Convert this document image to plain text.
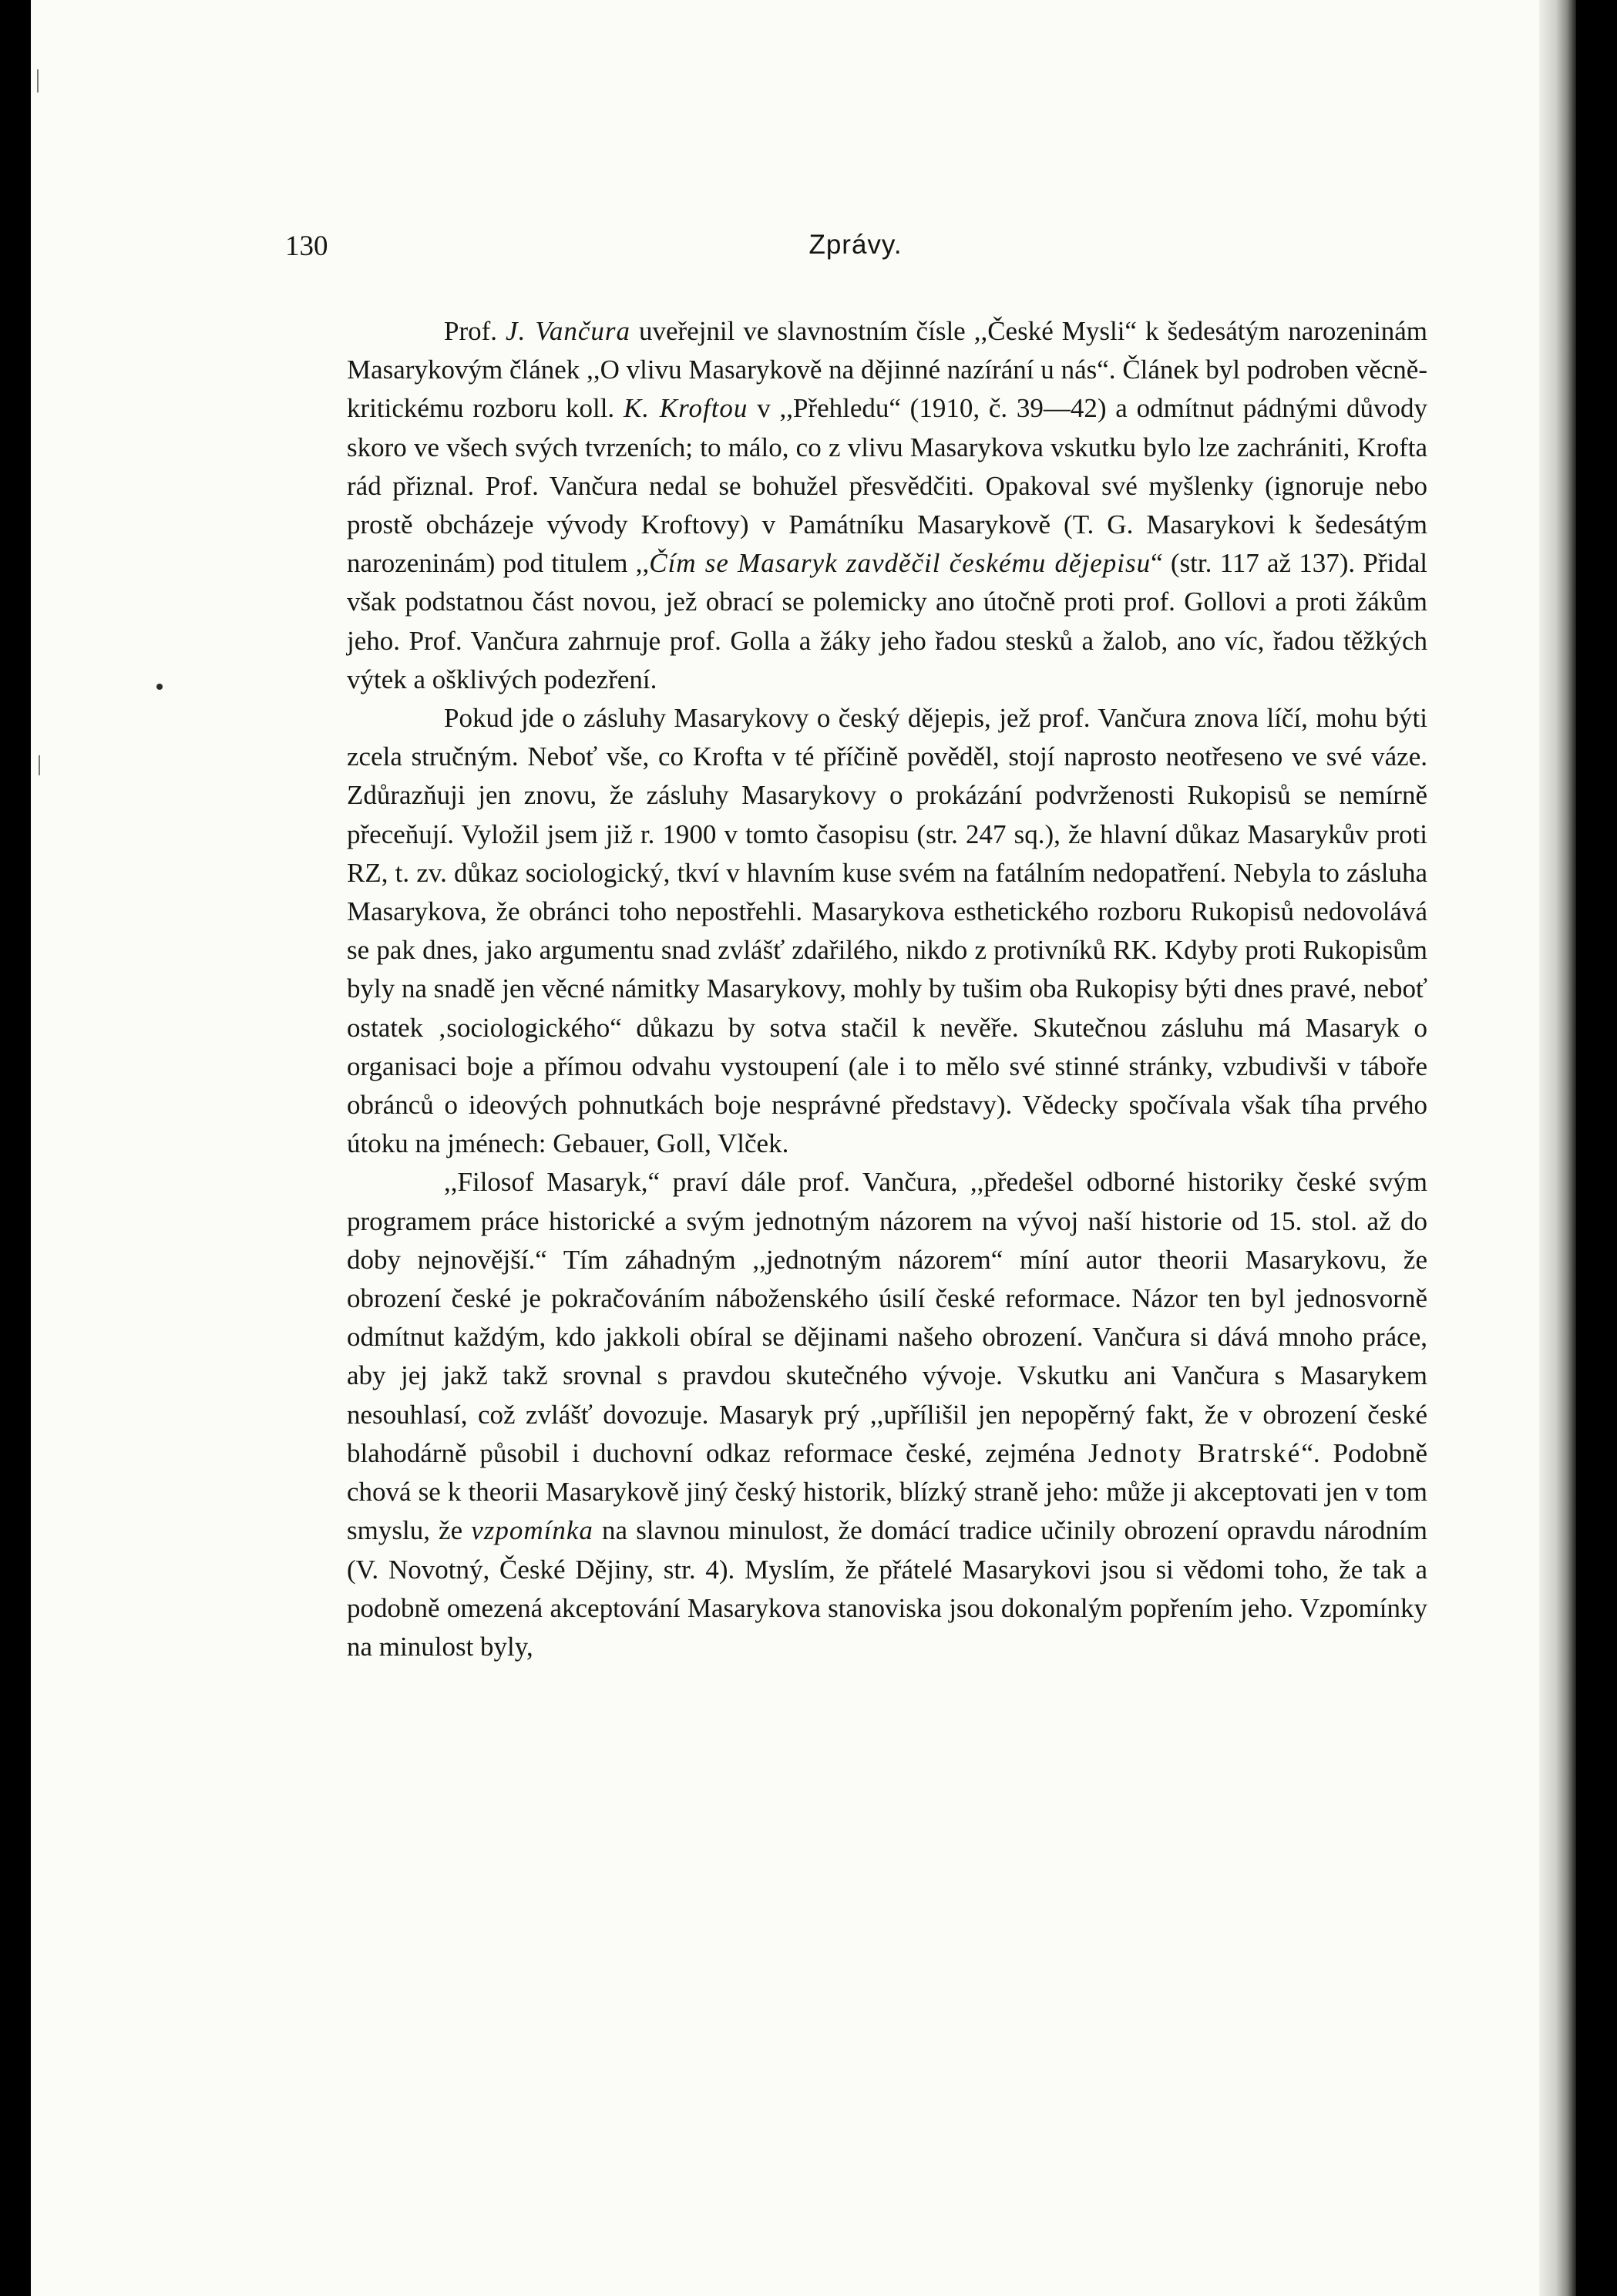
130	Zprávy.

Prof. J. Vančura uveřejnil ve slavnostním čísle ,,České Mysli“ k šedesátým narozeninám Masarykovým článek ,,O vlivu Masarykově na dějinné nazírání u nás“. Článek byl podroben věcně-kritickému rozboru koll. K. Kroftou v ,,Přehledu“ (1910, č. 39—42) a odmítnut pádnými důvody skoro ve všech svých tvrzeních; to málo, co z vlivu Masarykova vskutku bylo lze zachrániti, Krofta rád přiznal. Prof. Vančura nedal se bohužel přesvědčiti. Opakoval své myšlenky (ignoruje nebo prostě obcházeje vývody Kroftovy) v Památníku Masarykově (T. G. Masarykovi k šedesátým narozeninám) pod titulem ,,Čím se Masaryk zavděčil českému dějepisu“ (str. 117 až 137). Přidal však podstatnou část novou, jež obrací se polemicky ano útočně proti prof. Gollovi a proti žákům jeho. Prof. Vančura zahrnuje prof. Golla a žáky jeho řadou stesků a žalob, ano víc, řadou těžkých výtek a ošklivých podezření.

Pokud jde o zásluhy Masarykovy o český dějepis, jež prof. Vančura znova líčí, mohu býti zcela stručným. Neboť vše, co Krofta v té příčině pověděl, stojí naprosto neotřeseno ve své váze. Zdůrazňuji jen znovu, že zásluhy Masarykovy o prokázání podvrženosti Rukopisů se nemírně přeceňují. Vyložil jsem již r. 1900 v tomto časopisu (str. 247 sq.), že hlavní důkaz Masarykův proti RZ, t. zv. důkaz sociologický, tkví v hlavním kuse svém na fatálním nedopatření. Nebyla to zásluha Masarykova, že obránci toho nepostřehli. Masarykova esthetického rozboru Rukopisů nedovolává se pak dnes, jako argumentu snad zvlášť zdařilého, nikdo z protivníků RK. Kdyby proti Rukopisům byly na snadě jen věcné námitky Masarykovy, mohly by tušim oba Rukopisy býti dnes pravé, neboť ostatek ‚sociologického“ důkazu by sotva stačil k nevěře. Skutečnou zásluhu má Masaryk o organisaci boje a přímou odvahu vystoupení (ale i to mělo své stinné stránky, vzbudivši v táboře obránců o ideových pohnutkách boje nesprávné představy). Vědecky spočívala však tíha prvého útoku na jménech: Gebauer, Goll, Vlček.

,,Filosof Masaryk,“ praví dále prof. Vančura, ,,předešel odborné historiky české svým programem práce historické a svým jednotným názorem na vývoj naší historie od 15. stol. až do doby nejnovější.“ Tím záhadným ,,jednotným názorem“ míní autor theorii Masarykovu, že obrození české je pokračováním náboženského úsilí české reformace. Názor ten byl jednosvorně odmítnut každým, kdo jakkoli obíral se dějinami našeho obrození. Vančura si dává mnoho práce, aby jej jakž takž srovnal s pravdou skutečného vývoje. Vskutku ani Vančura s Masarykem nesouhlasí, což zvlášť dovozuje. Masaryk prý ,,upřílišil jen nepopěrný fakt, že v obrození české blahodárně působil i duchovní odkaz reformace české, zejména Jednoty Bratrské“. Podobně chová se k theorii Masarykově jiný český historik, blízký straně jeho: může ji akceptovati jen v tom smyslu, že vzpomínka na slavnou minulost, že domácí tradice učinily obrození opravdu národním (V. Novotný, České Dějiny, str. 4). Myslím, že přátelé Masarykovi jsou si vědomi toho, že tak a podobně omezená akceptování Masarykova stanoviska jsou dokonalým popřením jeho. Vzpomínky na minulost byly,
